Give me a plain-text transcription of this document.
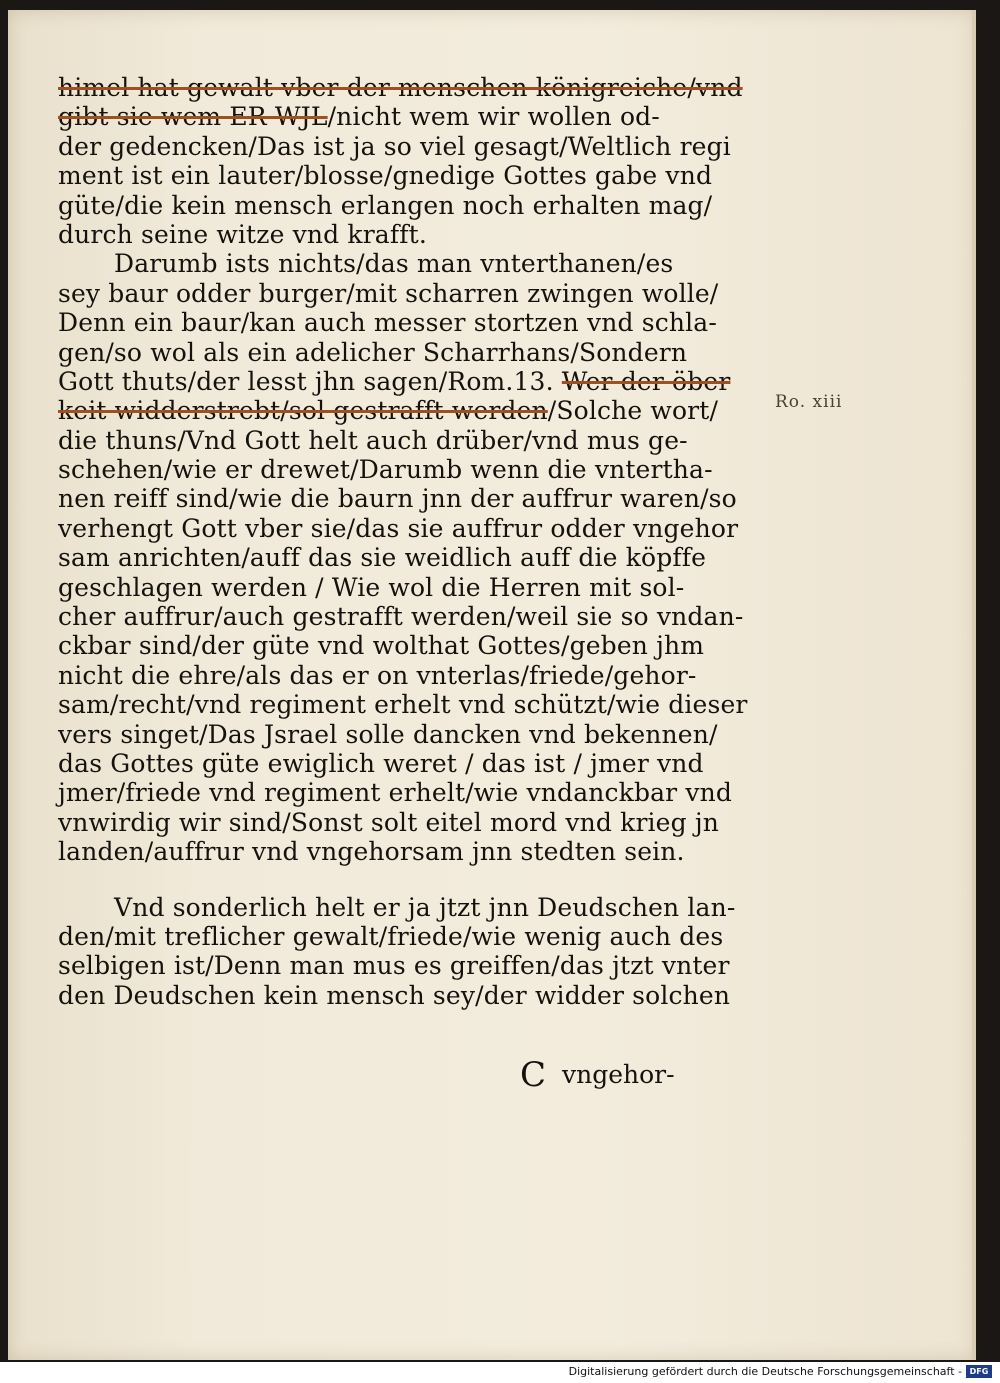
himel hat gewalt vber der menschen königreiche/vnd
gibt sie wem ER WJL/nicht wem wir wollen od-
der gedencken/Das ist ja so viel gesagt/Weltlich regi
ment ist ein lauter/blosse/gnedige Gottes gabe vnd
güte/die kein mensch erlangen noch erhalten mag/
durch seine witze vnd krafft.
Darumb ists nichts/das man vnterthanen/es
sey baur odder burger/mit scharren zwingen wolle/
Denn ein baur/kan auch messer stortzen vnd schla-
gen/so wol als ein adelicher Scharrhans/Sondern
Gott thuts/der lesst jhn sagen/Rom.13. Wer der öber
keit widderstrebt/sol gestrafft werden/Solche wort/
die thuns/Vnd Gott helt auch drüber/vnd mus ge-
schehen/wie er drewet/Darumb wenn die vntertha-
nen reiff sind/wie die baurn jnn der auffrur waren/so
verhengt Gott vber sie/das sie auffrur odder vngehor
sam anrichten/auff das sie weidlich auff die köpffe
geschlagen werden / Wie wol die Herren mit sol-
cher auffrur/auch gestrafft werden/weil sie so vndan-
ckbar sind/der güte vnd wolthat Gottes/geben jhm
nicht die ehre/als das er on vnterlas/friede/gehor-
sam/recht/vnd regiment erhelt vnd schützt/wie dieser
vers singet/Das Jsrael solle dancken vnd bekennen/
das Gottes güte ewiglich weret / das ist / jmer vnd
jmer/friede vnd regiment erhelt/wie vndanckbar vnd
vnwirdig wir sind/Sonst solt eitel mord vnd krieg jn
landen/auffrur vnd vngehorsam jnn stedten sein.
Vnd sonderlich helt er ja jtzt jnn Deudschen lan-
den/mit treflicher gewalt/friede/wie wenig auch des
selbigen ist/Denn man mus es greiffen/das jtzt vnter
den Deudschen kein mensch sey/der widder solchen
Ro. xiii
C vngehor-
Digitalisierung gefördert durch die Deutsche Forschungsgemeinschaft - DFG
